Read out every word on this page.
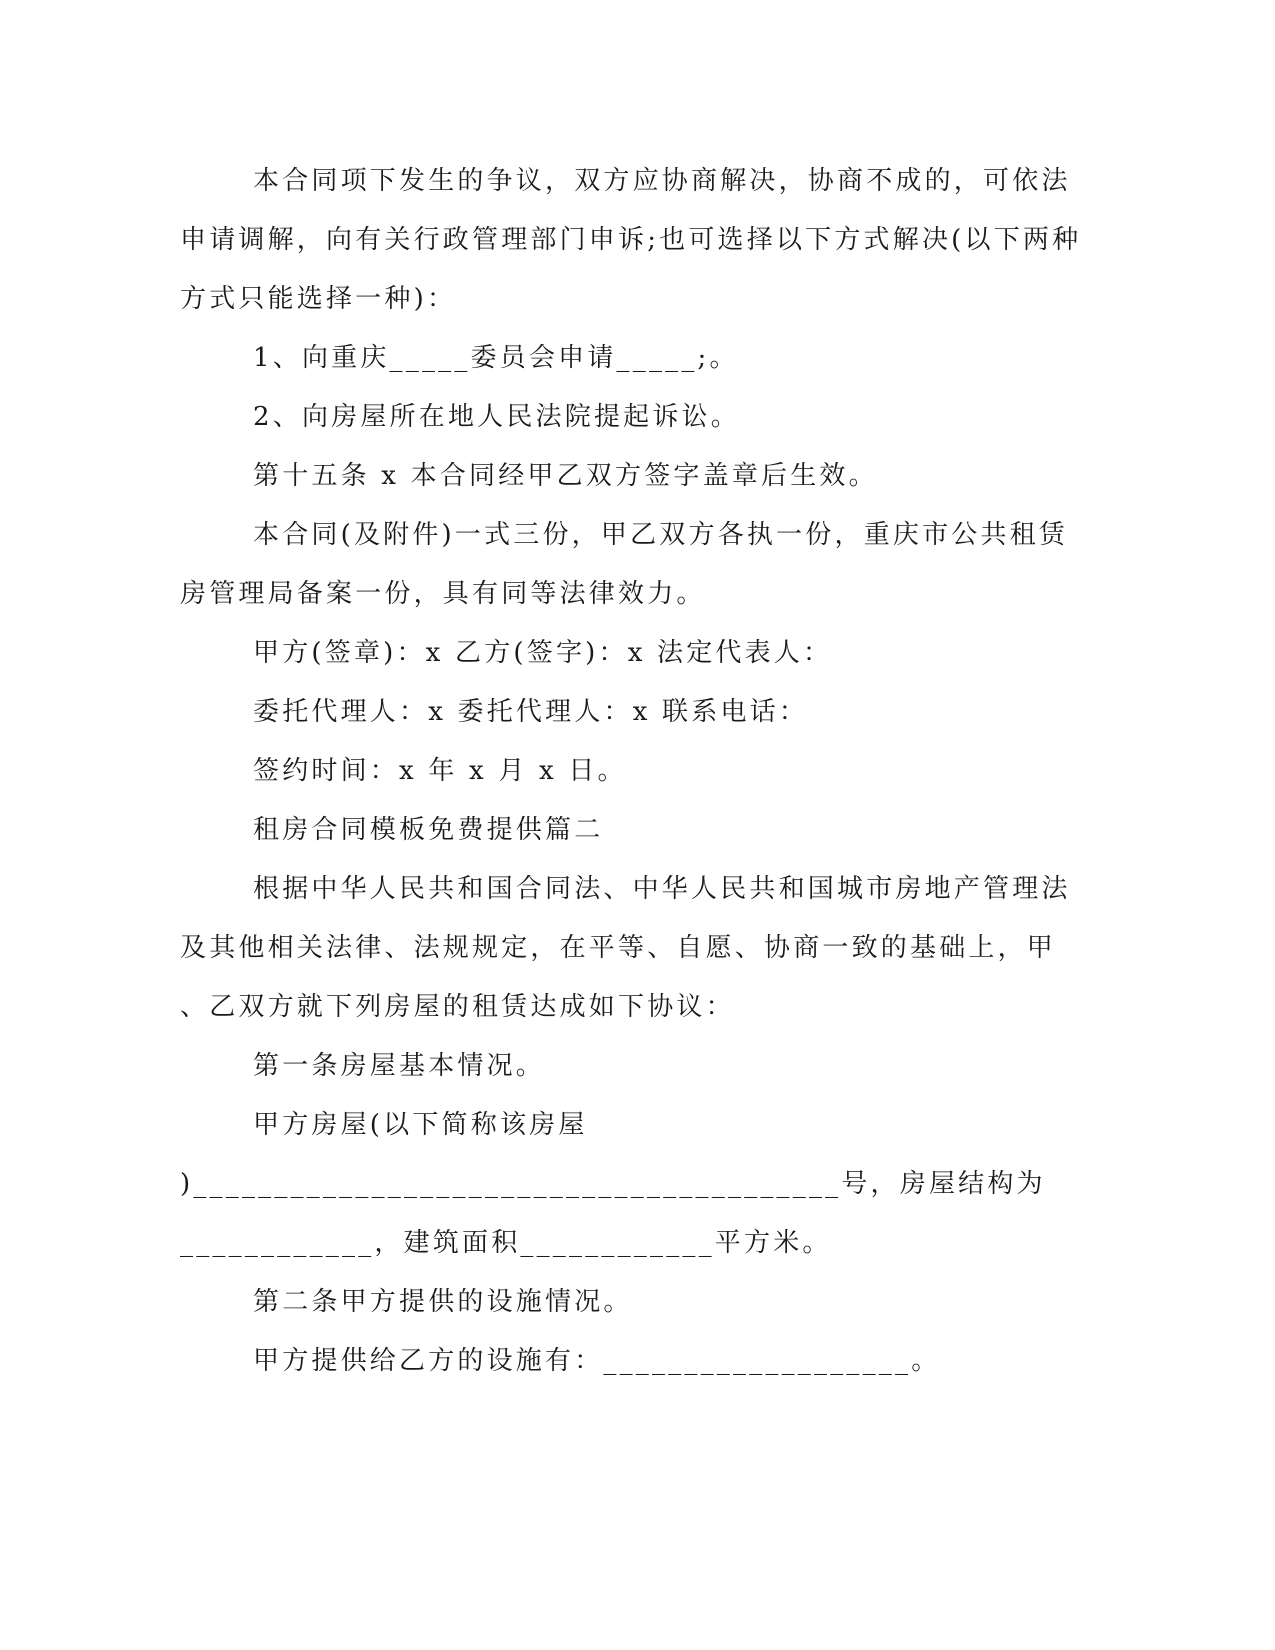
本合同项下发生的争议，双方应协商解决，协商不成的，可依法
申请调解，向有关行政管理部门申诉;也可选择以下方式解决(以下两种
方式只能选择一种)：
1、向重庆_____委员会申请_____;。
2、向房屋所在地人民法院提起诉讼。
第十五条 x 本合同经甲乙双方签字盖章后生效。
本合同(及附件)一式三份，甲乙双方各执一份，重庆市公共租赁
房管理局备案一份，具有同等法律效力。
甲方(签章)：x 乙方(签字)：x 法定代表人：
委托代理人：x 委托代理人：x 联系电话：
签约时间：x 年 x 月 x 日。
租房合同模板免费提供篇二
根据中华人民共和国合同法、中华人民共和国城市房地产管理法
及其他相关法律、法规规定，在平等、自愿、协商一致的基础上，甲
、乙双方就下列房屋的租赁达成如下协议：
第一条房屋基本情况。
甲方房屋(以下简称该房屋
)________________________________________号，房屋结构为
____________，建筑面积____________平方米。
第二条甲方提供的设施情况。
甲方提供给乙方的设施有：___________________。
